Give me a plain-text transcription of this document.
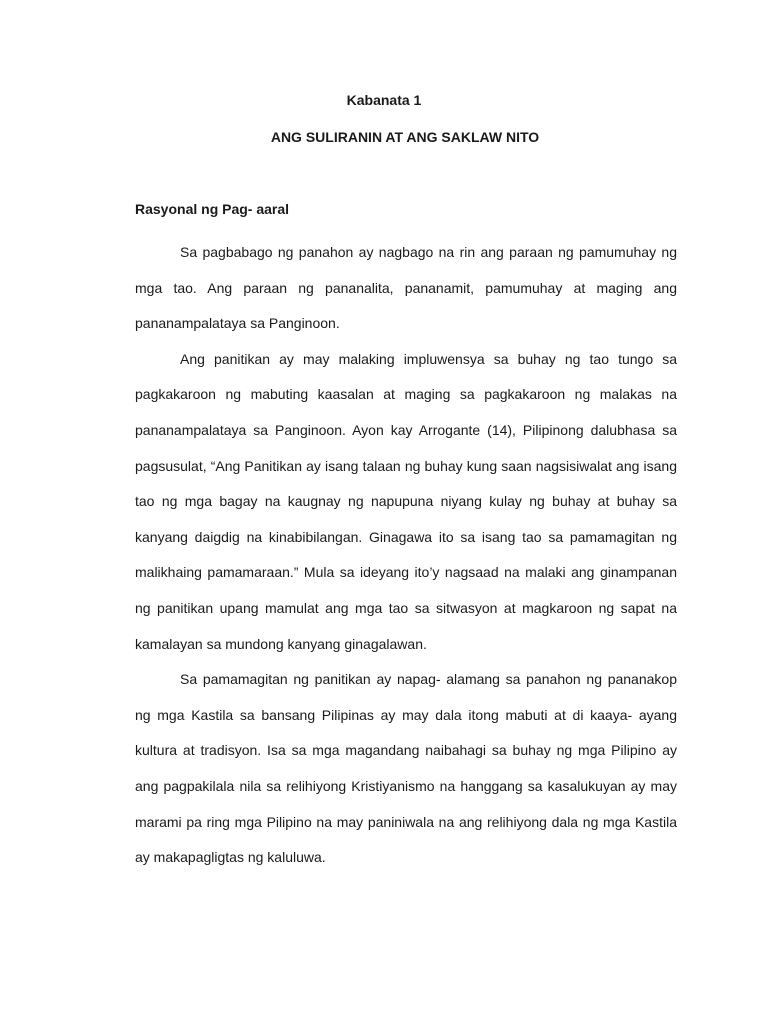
Kabanata 1
ANG SULIRANIN AT ANG SAKLAW NITO
Rasyonal ng Pag- aaral

Sa pagbabago ng panahon ay nagbago na rin ang paraan ng pamumuhay ng mga tao. Ang paraan ng pananalita, pananamit, pamumuhay at maging ang pananampalataya sa Panginoon.

Ang panitikan ay may malaking impluwensya sa buhay ng tao tungo sa pagkakaroon ng mabuting kaasalan at maging sa pagkakaroon ng malakas na pananampalataya sa Panginoon. Ayon kay Arrogante (14), Pilipinong dalubhasa sa pagsusulat, “Ang Panitikan ay isang talaan ng buhay kung saan nagsisiwalat ang isang tao ng mga bagay na kaugnay ng napupuna niyang kulay ng buhay at buhay sa kanyang daigdig na kinabibilangan. Ginagawa ito sa isang tao sa pamamagitan ng malikhaing pamamaraan.” Mula sa ideyang ito’y nagsaad na malaki ang ginampanan ng panitikan upang mamulat ang mga tao sa sitwasyon at magkaroon ng sapat na kamalayan sa mundong kanyang ginagalawan.

Sa pamamagitan ng panitikan ay napag- alamang sa panahon ng pananakop ng mga Kastila sa bansang Pilipinas ay may dala itong mabuti at di kaaya- ayang kultura at tradisyon. Isa sa mga magandang naibahagi sa buhay ng mga Pilipino ay ang pagpakilala nila sa relihiyong Kristiyanismo na hanggang sa kasalukuyan ay may marami pa ring mga Pilipino na may paniniwala na ang relihiyong dala ng mga Kastila ay makapagligtas ng kaluluwa.
